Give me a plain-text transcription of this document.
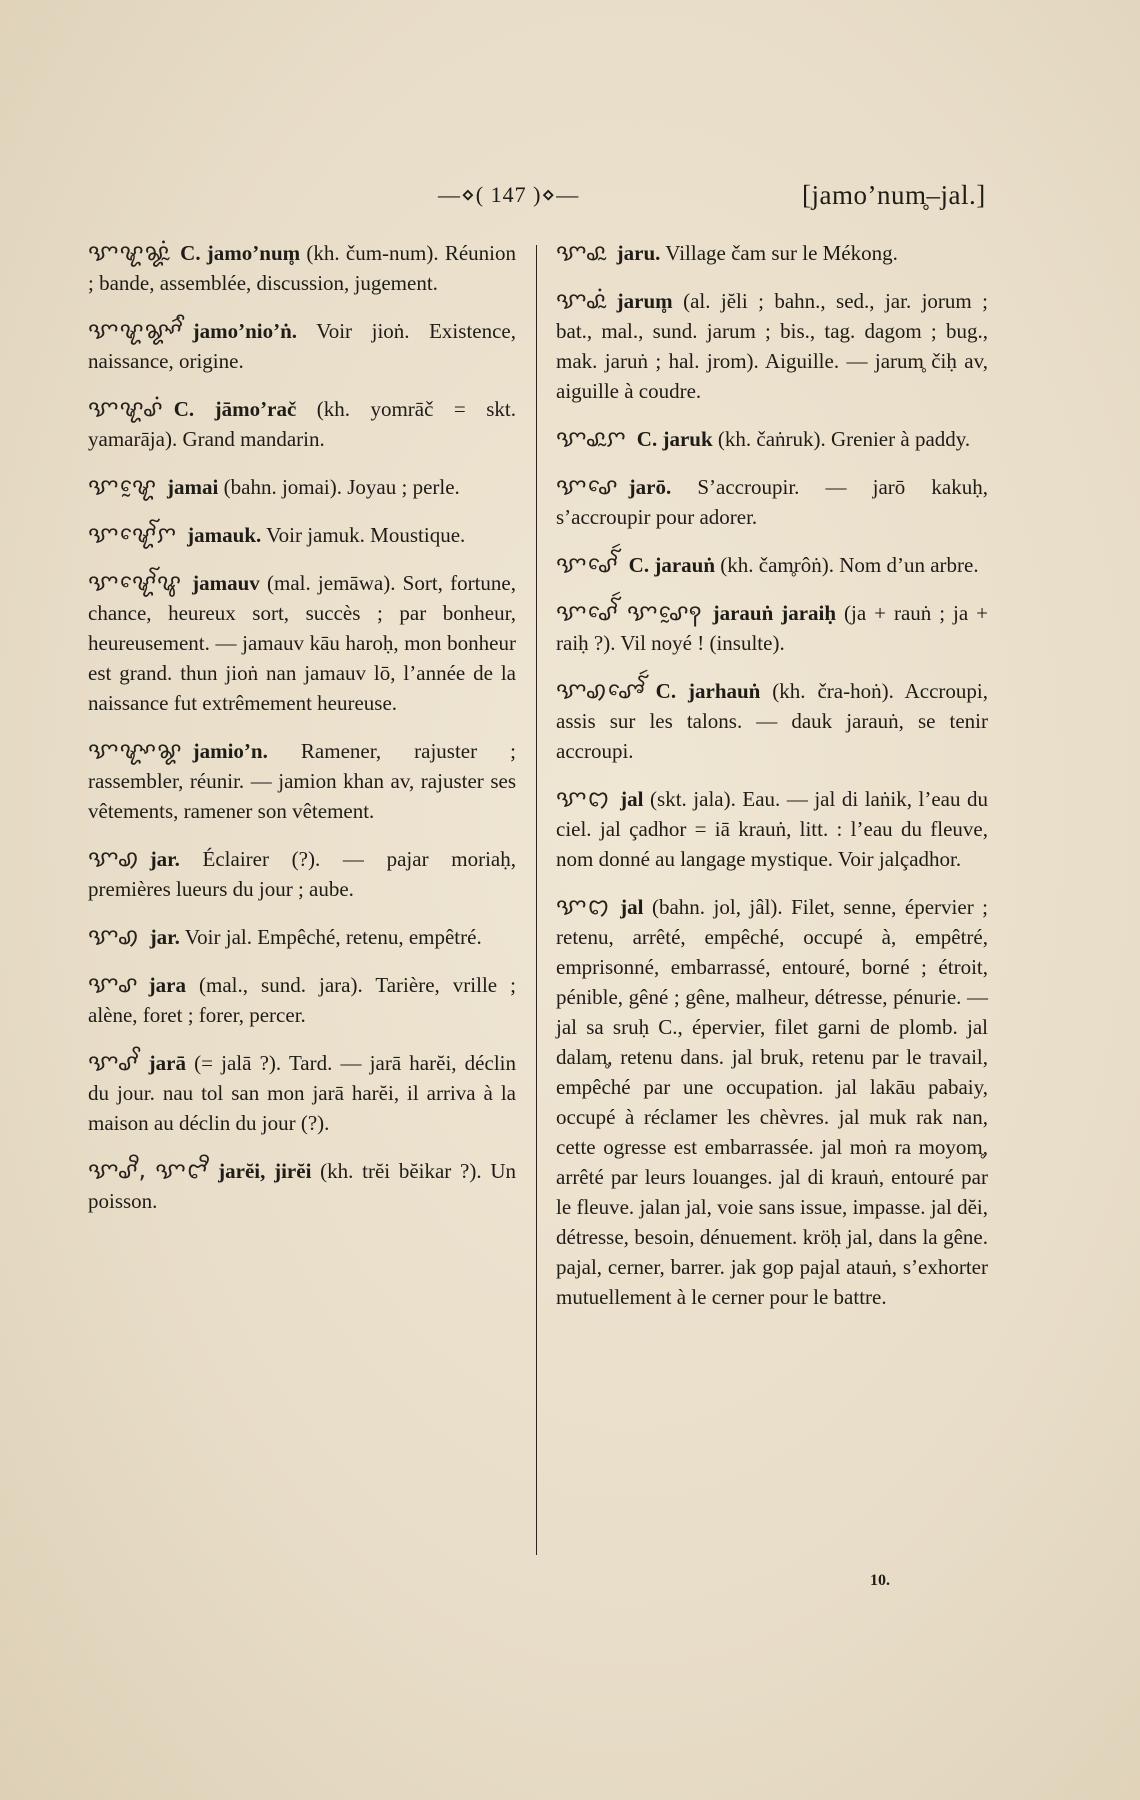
—⋄( 147 )⋄—	[jamo’num̥–jal.]
ꨎꨠꨘꨭꩌ C. jamo’num̥ (kh. čum-num). Réunion ; bande, assemblée, discussion, jugement.
ꨎꨠꨘꨳꨩꩃ jamo’nio’ṅ. Voir jioṅ. Existence, naissance, origine.
ꨎꨠꨣꩌ C. jāmo’rač (kh. yomrāč = skt. yamarāja). Grand mandarin.
ꨎꨠꨰ jamai (bahn. jomai). Joyau ; perle.
ꨎꨠꨯꨱꨆ jamauk. Voir jamuk. Moustique.
ꨎꨠꨯꨱꨥ jamauv (mal. jemāwa). Sort, fortune, chance, heureux sort, succès ; par bonheur, heureusement. — jamauv kāu haroḥ, mon bonheur est grand. thun jioṅ nan jamauv lō, l’année de la naissance fut extrêmement heureuse.
ꨎꨠꨳꨘ jamio’n. Ramener, rajuster ; rassembler, réunir. — jamion khan av, rajuster ses vêtements, ramener son vêtement.
ꨎꩉ jar. Éclairer (?). — pajar moriaḥ, premières lueurs du jour ; aube.
ꨎꩉ jar. Voir jal. Empêché, retenu, empêtré.
ꨎꨣ jara (mal., sund. jara). Tarière, vrille ; alène, foret ; forer, percer.
ꨎꨣꨩ jarā (= jalā ?). Tard. — jarā harĕi, déclin du jour. nau tol san mon jarā harĕi, il arriva à la maison au déclin du jour (?).
ꨎꨣꨪ, ꨎꨤꨪ jarĕi, jirĕi (kh. trĕi bĕikar ?). Un poisson.
ꨎꨣꨭ jaru. Village čam sur le Mékong.
ꨎꨣꨭꩌ jarum̥ (al. jĕli ; bahn., sed., jar. jorum ; bat., mal., sund. jarum ; bis., tag. dagom ; bug., mak. jaruṅ ; hal. jrom). Aiguille. — jarum̥ čiḥ av, aiguille à coudre.
ꨎꨣꨭꨆ C. jaruk (kh. čaṅruk). Grenier à paddy.
ꨎꨣꨯ jarō. S’accroupir. — jarō kakuḥ, s’accroupir pour adorer.
ꨎꨣꨯꨱꩃ C. jarauṅ (kh. čam̥rôṅ). Nom d’un arbre.
ꨎꨣꨯꨱꩃ ꨎꨣꨰꩍ jarauṅ jaraiḥ (ja + rauṅ ; ja + raiḥ ?). Vil noyé ! (insulte).
ꨎꩉꨨꨯꨱꩃ C. jarhauṅ (kh. čra-hoṅ). Accroupi, assis sur les talons. — dauk jarauṅ, se tenir accroupi.
ꨎꩊ jal (skt. jala). Eau. — jal di laṅik, l’eau du ciel. jal çadhor = iā krauṅ, litt. : l’eau du fleuve, nom donné au langage mystique. Voir jalçadhor.
ꨎꩊ jal (bahn. jol, jâl). Filet, senne, épervier ; retenu, arrêté, empêché, occupé à, empêtré, emprisonné, embarrassé, entouré, borné ; étroit, pénible, gêné ; gêne, malheur, détresse, pénurie. — jal sa sruḥ C., épervier, filet garni de plomb. jal dalam̥, retenu dans. jal bruk, retenu par le travail, empêché par une occupation. jal lakāu pabaiy, occupé à réclamer les chèvres. jal muk rak nan, cette ogresse est embarrassée. jal moṅ ra moyom̥, arrêté par leurs louanges. jal di krauṅ, entouré par le fleuve. jalan jal, voie sans issue, impasse. jal dĕi, détresse, besoin, dénuement. kröḥ jal, dans la gêne. pajal, cerner, barrer. jak gop pajal atauṅ, s’exhorter mutuellement à le cerner pour le battre.
10.
